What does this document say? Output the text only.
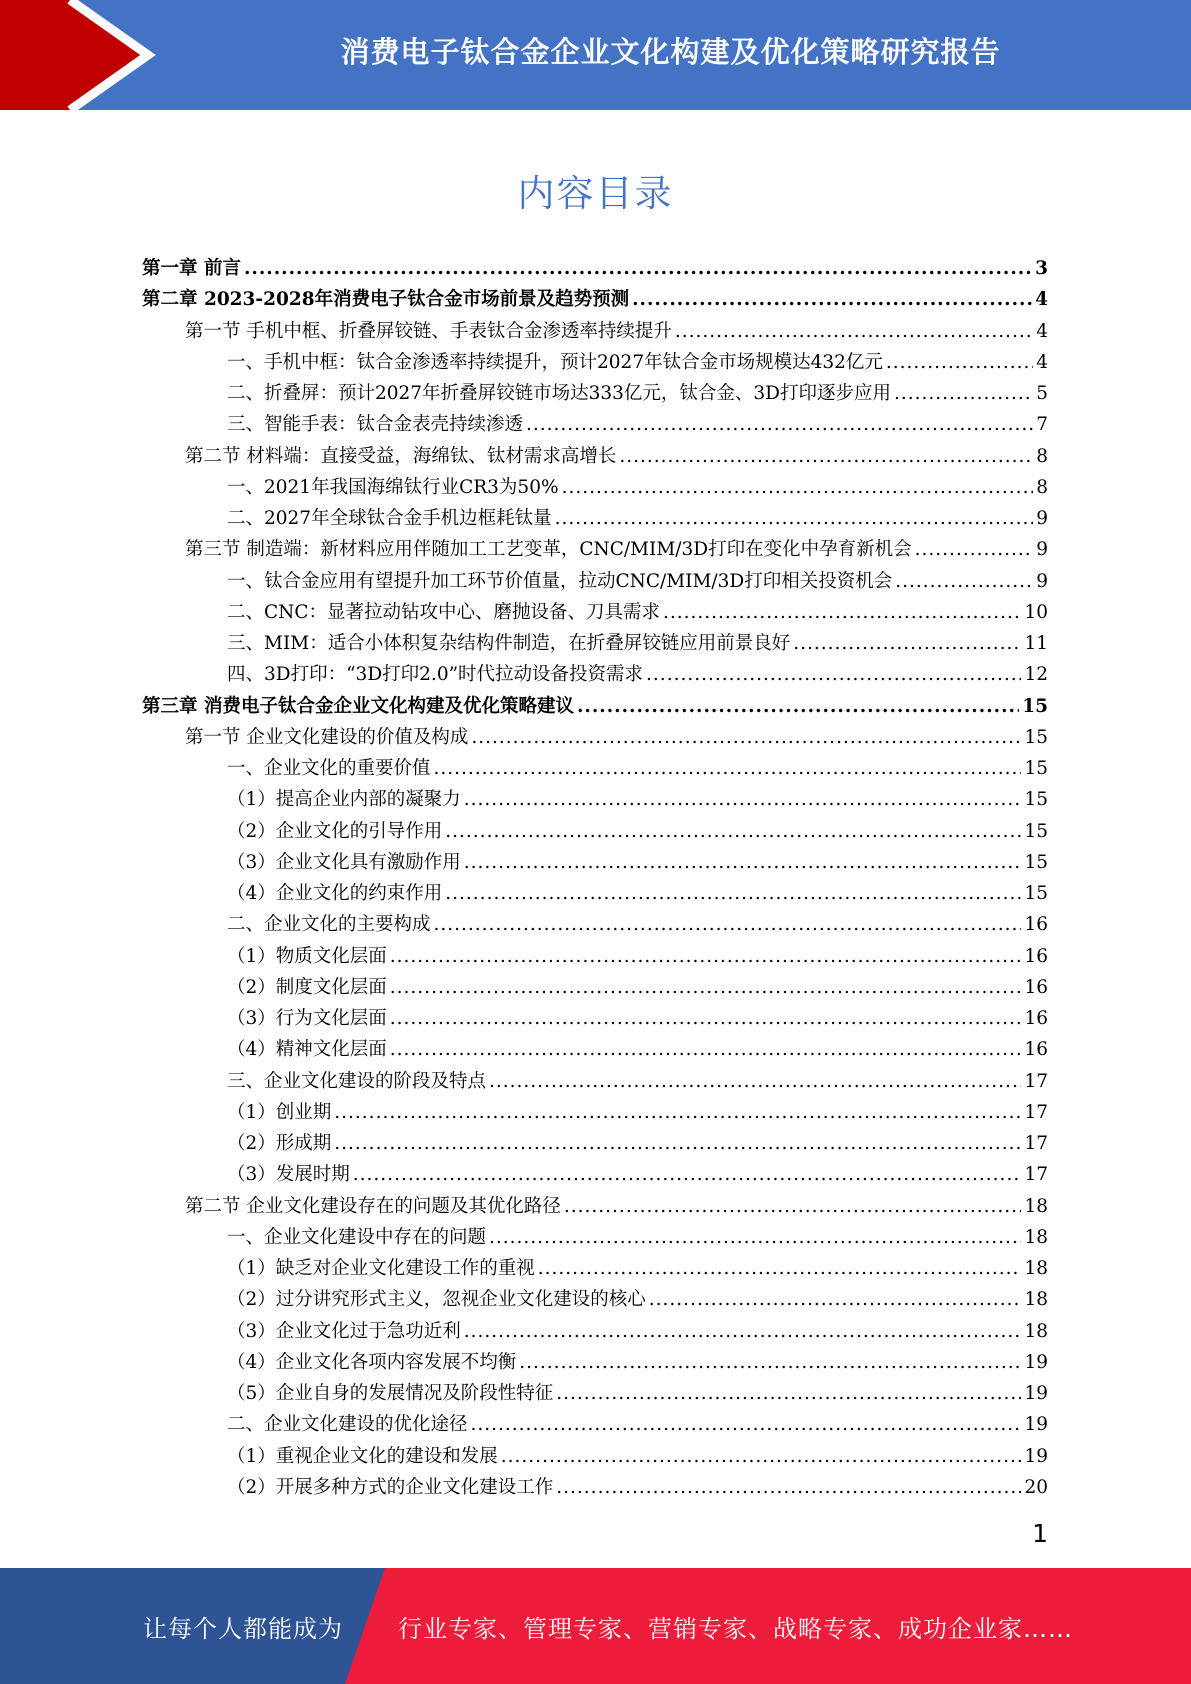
消费电子钛合金企业文化构建及优化策略研究报告
内容目录
第一章 前言 .....	3
第二章 2023-2028年消费电子钛合金市场前景及趋势预测 .....	4
第一节 手机中框、折叠屏铰链、手表钛合金渗透率持续提升 .....	4
一、手机中框：钛合金渗透率持续提升，预计2027年钛合金市场规模达432亿元 .....	4
二、折叠屏：预计2027年折叠屏铰链市场达333亿元，钛合金、3D打印逐步应用 .....	5
三、智能手表：钛合金表壳持续渗透 .....	7
第二节 材料端：直接受益，海绵钛、钛材需求高增长 .....	8
一、2021年我国海绵钛行业CR3为50% .....	8
二、2027年全球钛合金手机边框耗钛量 .....	9
第三节 制造端：新材料应用伴随加工工艺变革，CNC/MIM/3D打印在变化中孕育新机会 .....	9
一、钛合金应用有望提升加工环节价值量，拉动CNC/MIM/3D打印相关投资机会 .....	9
二、CNC：显著拉动钻攻中心、磨抛设备、刀具需求 .....	10
三、MIM：适合小体积复杂结构件制造，在折叠屏铰链应用前景良好 .....	11
四、3D打印：“3D打印2.0”时代拉动设备投资需求 .....	12
第三章 消费电子钛合金企业文化构建及优化策略建议 .....	15
第一节 企业文化建设的价值及构成 .....	15
一、企业文化的重要价值 .....	15
（1）提高企业内部的凝聚力 .....	15
（2）企业文化的引导作用 .....	15
（3）企业文化具有激励作用 .....	15
（4）企业文化的约束作用 .....	15
二、企业文化的主要构成 .....	16
（1）物质文化层面 .....	16
（2）制度文化层面 .....	16
（3）行为文化层面 .....	16
（4）精神文化层面 .....	16
三、企业文化建设的阶段及特点 .....	17
（1）创业期 .....	17
（2）形成期 .....	17
（3）发展时期 .....	17
第二节 企业文化建设存在的问题及其优化路径 .....	18
一、企业文化建设中存在的问题 .....	18
（1）缺乏对企业文化建设工作的重视 .....	18
（2）过分讲究形式主义，忽视企业文化建设的核心 .....	18
（3）企业文化过于急功近利 .....	18
（4）企业文化各项内容发展不均衡 .....	19
（5）企业自身的发展情况及阶段性特征 .....	19
二、企业文化建设的优化途径 .....	19
（1）重视企业文化的建设和发展 .....	19
（2）开展多种方式的企业文化建设工作 .....	20
1
让每个人都能成为 行业专家、管理专家、营销专家、战略专家、成功企业家……
